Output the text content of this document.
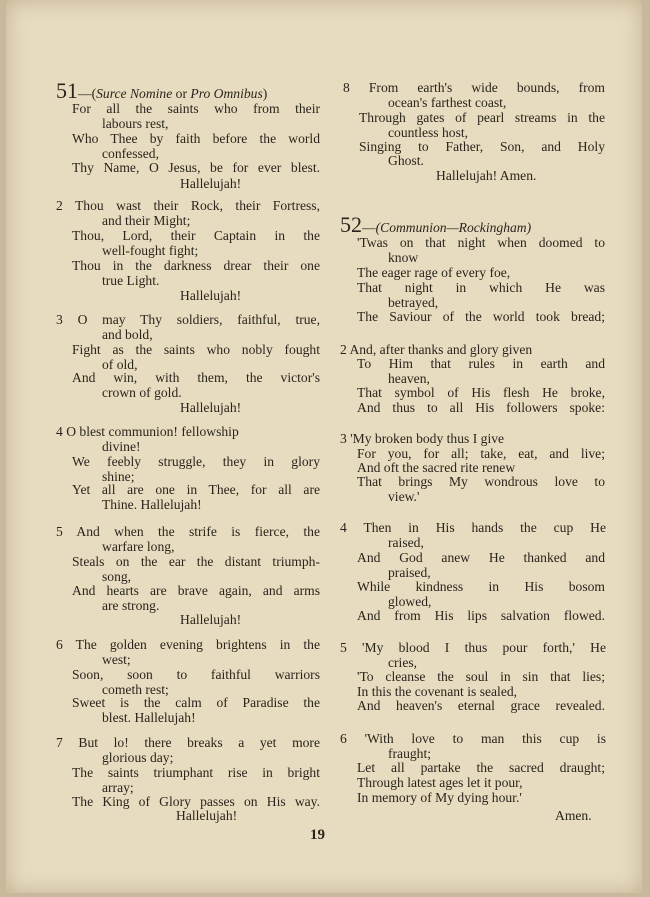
51—(Surce Nomine or Pro Omnibus)
52—(Communion—Rockingham)
For all the saints who from their
labours rest,
Who Thee by faith before the world
confessed,
Thy Name, O Jesus, be for ever blest.
Hallelujah!
2 Thou wast their Rock, their Fortress,
and their Might;
Thou, Lord, their Captain in the
well-fought fight;
Thou in the darkness drear their one
true Light.
Hallelujah!
3 O may Thy soldiers, faithful, true,
and bold,
Fight as the saints who nobly fought
of old,
And win, with them, the victor's
crown of gold.
Hallelujah!
4 O blest communion! fellowship
divine!
We feebly struggle, they in glory
shine;
Yet all are one in Thee, for all are
Thine. Hallelujah!
5 And when the strife is fierce, the
warfare long,
Steals on the ear the distant triumph-
song,
And hearts are brave again, and arms
are strong.
Hallelujah!
6 The golden evening brightens in the
west;
Soon, soon to faithful warriors
cometh rest;
Sweet is the calm of Paradise the
blest. Hallelujah!
7 But lo! there breaks a yet more
glorious day;
The saints triumphant rise in bright
array;
The King of Glory passes on His way.
Hallelujah!
8 From earth's wide bounds, from
ocean's farthest coast,
Through gates of pearl streams in the
countless host,
Singing to Father, Son, and Holy
Ghost.
Hallelujah! Amen.
'Twas on that night when doomed to
know
The eager rage of every foe,
That night in which He was
betrayed,
The Saviour of the world took bread;
2 And, after thanks and glory given
To Him that rules in earth and
heaven,
That symbol of His flesh He broke,
And thus to all His followers spoke:
3 'My broken body thus I give
For you, for all; take, eat, and live;
And oft the sacred rite renew
That brings My wondrous love to
view.'
4 Then in His hands the cup He
raised,
And God anew He thanked and
praised,
While kindness in His bosom
glowed,
And from His lips salvation flowed.
5 'My blood I thus pour forth,' He
cries,
'To cleanse the soul in sin that lies;
In this the covenant is sealed,
And heaven's eternal grace revealed.
6 'With love to man this cup is
fraught;
Let all partake the sacred draught;
Through latest ages let it pour,
In memory of My dying hour.'
Amen.
19
